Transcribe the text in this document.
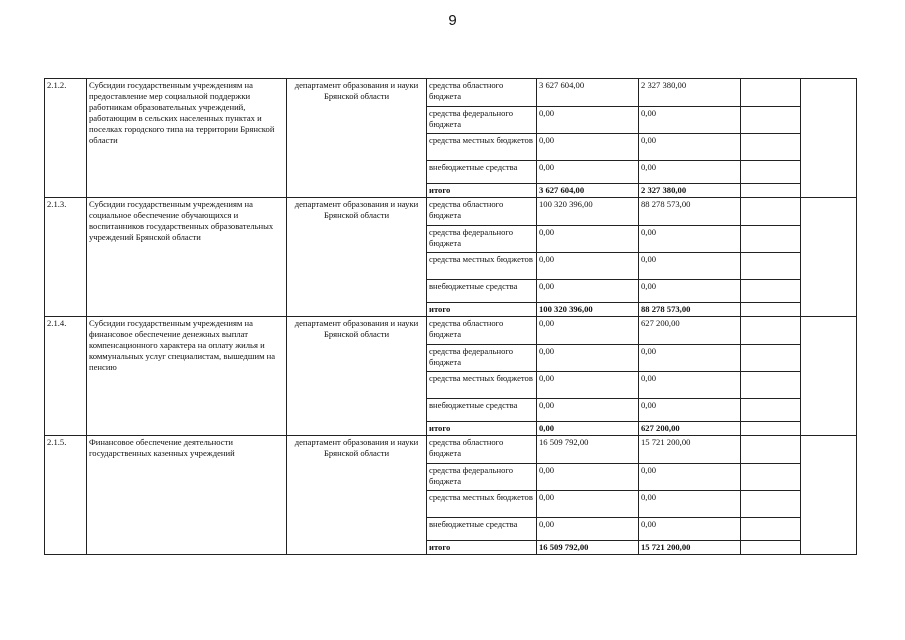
9
2.1.2.	Субсидии государственным учреждениям на предоставление мер социальной поддержки работникам образовательных учреждений, работающим в сельских населенных пунктах и поселках городского типа на территории Брянской области	департамент образования и науки Брянской области	средства областного бюджета	3 627 604,00	2 327 380,00		
			средства федерального бюджета	0,00	0,00		
			средства местных бюджетов	0,00	0,00		
			внебюджетные средства	0,00	0,00		
			итого	3 627 604,00	2 327 380,00		
2.1.3.	Субсидии государственным учреждениям на социальное обеспечение обучающихся и воспитанников государственных образовательных учреждений Брянской области	департамент образования и науки Брянской области	средства областного бюджета	100 320 396,00	88 278 573,00		
			средства федерального бюджета	0,00	0,00		
			средства местных бюджетов	0,00	0,00		
			внебюджетные средства	0,00	0,00		
			итого	100 320 396,00	88 278 573,00		
2.1.4.	Субсидии государственным учреждениям на финансовое обеспечение денежных выплат компенсационного характера на оплату жилья и коммунальных услуг специалистам, вышедшим на пенсию	департамент образования и науки Брянской области	средства областного бюджета	0,00	627 200,00		
			средства федерального бюджета	0,00	0,00		
			средства местных бюджетов	0,00	0,00		
			внебюджетные средства	0,00	0,00		
			итого	0,00	627 200,00		
2.1.5.	Финансовое обеспечение деятельности государственных казенных учреждений	департамент образования и науки Брянской области	средства областного бюджета	16 509 792,00	15 721 200,00		
			средства федерального бюджета	0,00	0,00		
			средства местных бюджетов	0,00	0,00		
			внебюджетные средства	0,00	0,00		
			итого	16 509 792,00	15 721 200,00		
